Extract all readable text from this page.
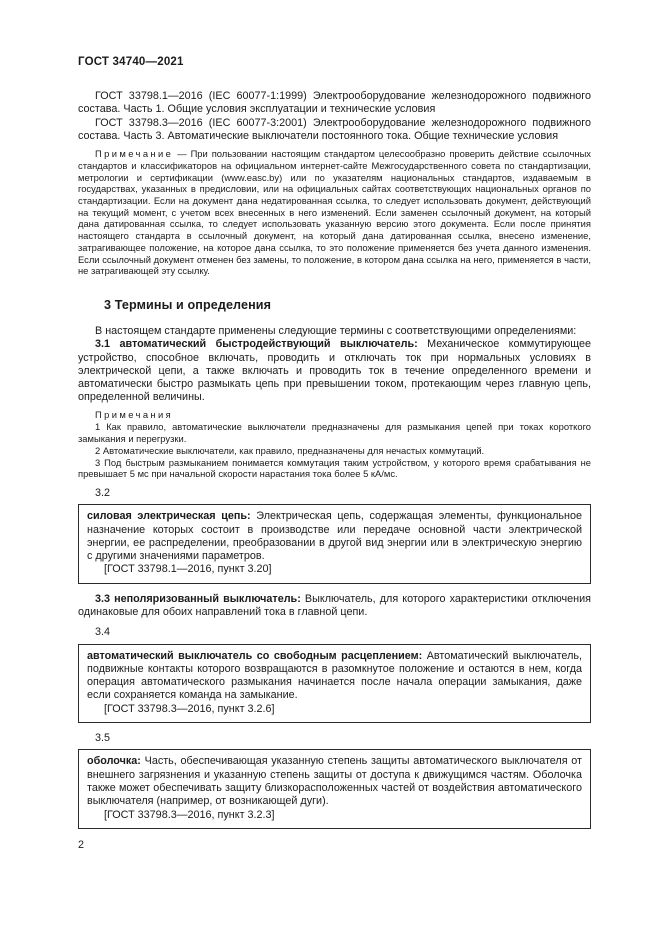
ГОСТ 34740—2021

ГОСТ 33798.1—2016 (IEC 60077-1:1999) Электрооборудование железнодорожного подвижного состава. Часть 1. Общие условия эксплуатации и технические условия

ГОСТ 33798.3—2016 (IEC 60077-3:2001) Электрооборудование железнодорожного подвижного состава. Часть 3. Автоматические выключатели постоянного тока. Общие технические условия

Примечание — При пользовании настоящим стандартом целесообразно проверить действие ссылочных стандартов и классификаторов на официальном интернет-сайте Межгосударственного совета по стандартизации, метрологии и сертификации (www.easc.by) или по указателям национальных стандартов, издаваемым в государствах, указанных в предисловии, или на официальных сайтах соответствующих национальных органов по стандартизации. Если на документ дана недатированная ссылка, то следует использовать документ, действующий на текущий момент, с учетом всех внесенных в него изменений. Если заменен ссылочный документ, на который дана датированная ссылка, то следует использовать указанную версию этого документа. Если после принятия настоящего стандарта в ссылочный документ, на который дана датированная ссылка, внесено изменение, затрагивающее положение, на которое дана ссылка, то это положение применяется без учета данного изменения. Если ссылочный документ отменен без замены, то положение, в котором дана ссылка на него, применяется в части, не затрагивающей эту ссылку.

3 Термины и определения

В настоящем стандарте применены следующие термины с соответствующими определениями:

3.1 автоматический быстродействующий выключатель: Механическое коммутирующее устройство, способное включать, проводить и отключать ток при нормальных условиях в электрической цепи, а также включать и проводить ток в течение определенного времени и автоматически быстро размыкать цепь при превышении током, протекающим через главную цепь, определенной величины.

Примечания

1 Как правило, автоматические выключатели предназначены для размыкания цепей при токах короткого замыкания и перегрузки.

2 Автоматические выключатели, как правило, предназначены для нечастых коммутаций.

3 Под быстрым размыканием понимается коммутация таким устройством, у которого время срабатывания не превышает 5 мс при начальной скорости нарастания тока более 5 кА/мс.

3.2

силовая электрическая цепь: Электрическая цепь, содержащая элементы, функциональное назначение которых состоит в производстве или передаче основной части электрической энергии, ее распределении, преобразовании в другой вид энергии или в электрическую энергию с другими значениями параметров.

[ГОСТ 33798.1—2016, пункт 3.20]

3.3 неполяризованный выключатель: Выключатель, для которого характеристики отключения одинаковые для обоих направлений тока в главной цепи.

3.4

автоматический выключатель со свободным расцеплением: Автоматический выключатель, подвижные контакты которого возвращаются в разомкнутое положение и остаются в нем, когда операция автоматического размыкания начинается после начала операции замыкания, даже если сохраняется команда на замыкание.

[ГОСТ 33798.3—2016, пункт 3.2.6]

3.5

оболочка: Часть, обеспечивающая указанную степень защиты автоматического выключателя от внешнего загрязнения и указанную степень защиты от доступа к движущимся частям. Оболочка также может обеспечивать защиту близкорасположенных частей от воздействия автоматического выключателя (например, от возникающей дуги).

[ГОСТ 33798.3—2016, пункт 3.2.3]

2
